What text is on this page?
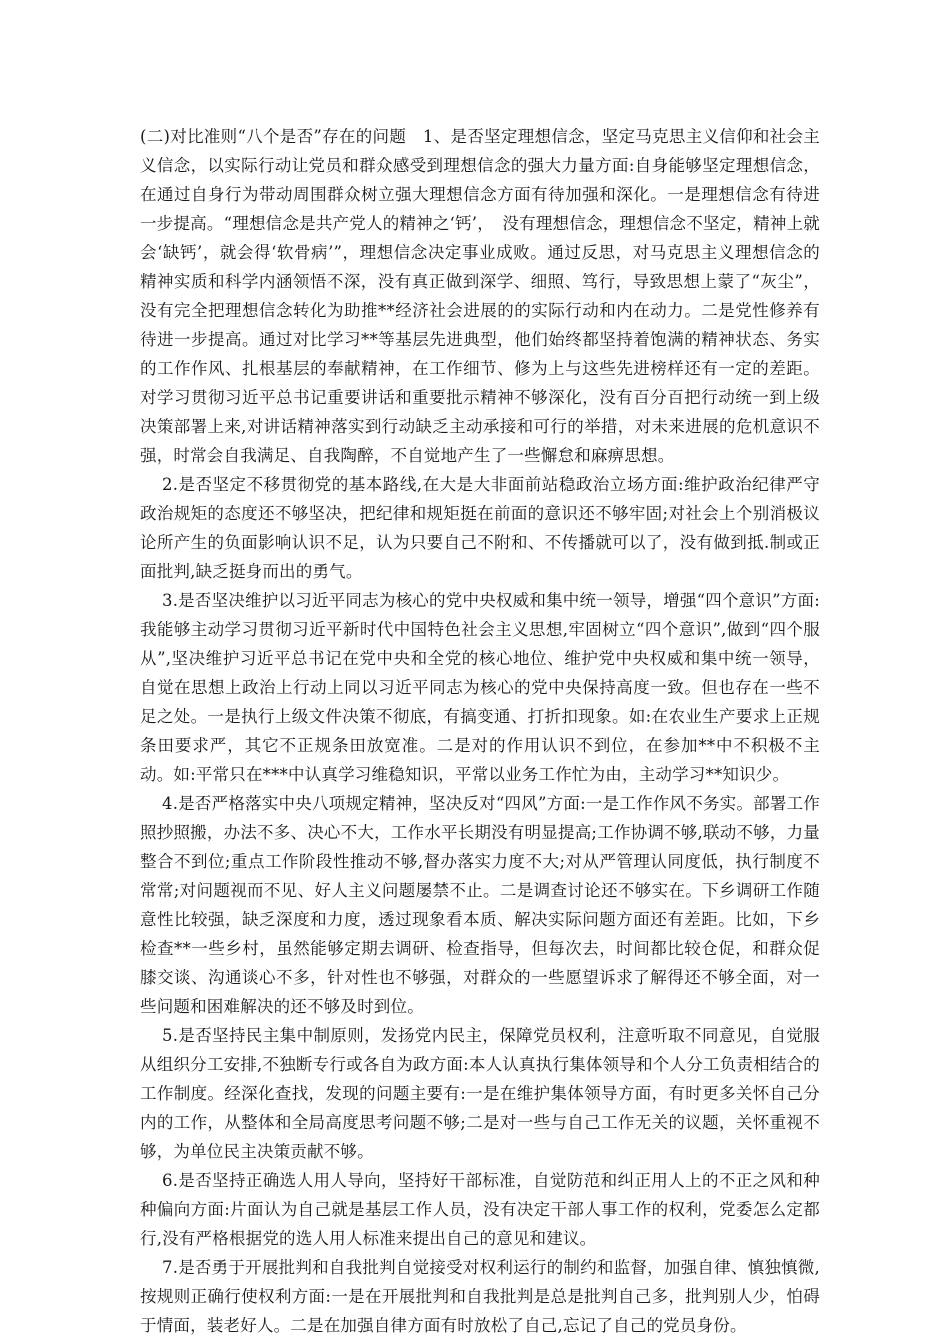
(二)对比准则“八个是否”存在的问题　1、是否坚定理想信念，坚定马克思主义信仰和社会主义信念，以实际行动让党员和群众感受到理想信念的强大力量方面:自身能够坚定理想信念，在通过自身行为带动周围群众树立强大理想信念方面有待加强和深化。一是理想信念有待进一步提高。“理想信念是共产党人的精神之‘钙’，　没有理想信念，理想信念不坚定，精神上就会‘缺钙’，就会得‘软骨病’”，理想信念决定事业成败。通过反思，对马克思主义理想信念的精神实质和科学内涵领悟不深，没有真正做到深学、细照、笃行，导致思想上蒙了“灰尘”，没有完全把理想信念转化为助推**经济社会进展的的实际行动和内在动力。二是党性修养有待进一步提高。通过对比学习**等基层先进典型，他们始终都坚持着饱满的精神状态、务实的工作作风、扎根基层的奉献精神，在工作细节、修为上与这些先进榜样还有一定的差距。对学习贯彻习近平总书记重要讲话和重要批示精神不够深化，没有百分百把行动统一到上级决策部署上来,对讲话精神落实到行动缺乏主动承接和可行的举措，对未来进展的危机意识不强，时常会自我满足、自我陶醉，不自觉地产生了一些懈怠和麻痹思想。

2.是否坚定不移贯彻党的基本路线,在大是大非面前站稳政治立场方面:维护政治纪律严守政治规矩的态度还不够坚决，把纪律和规矩挺在前面的意识还不够牢固;对社会上个别消极议论所产生的负面影响认识不足，认为只要自己不附和、不传播就可以了，没有做到抵.制或正面批判,缺乏挺身而出的勇气。

3.是否坚决维护以习近平同志为核心的党中央权威和集中统一领导，增强“四个意识”方面:我能够主动学习贯彻习近平新时代中国特色社会主义思想,牢固树立“四个意识”,做到“四个服从”,坚决维护习近平总书记在党中央和全党的核心地位、维护党中央权威和集中统一领导，自觉在思想上政治上行动上同以习近平同志为核心的党中央保持高度一致。但也存在一些不足之处。一是执行上级文件决策不彻底，有搞变通、打折扣现象。如:在农业生产要求上正规条田要求严，其它不正规条田放宽准。二是对的作用认识不到位，在参加**中不积极不主动。如:平常只在***中认真学习维稳知识，平常以业务工作忙为由，主动学习**知识少。

4.是否严格落实中央八项规定精神，坚决反对“四风”方面:一是工作作风不务实。部署工作照抄照搬，办法不多、决心不大，工作水平长期没有明显提高;工作协调不够,联动不够，力量整合不到位;重点工作阶段性推动不够,督办落实力度不大;对从严管理认同度低，执行制度不常常;对问题视而不见、好人主义问题屡禁不止。二是调查讨论还不够实在。下乡调研工作随意性比较强，缺乏深度和力度，透过现象看本质、解决实际问题方面还有差距。比如，下乡检查**一些乡村，虽然能够定期去调研、检查指导，但每次去，时间都比较仓促，和群众促膝交谈、沟通谈心不多，针对性也不够强，对群众的一些愿望诉求了解得还不够全面，对一些问题和困难解决的还不够及时到位。

5.是否坚持民主集中制原则，发扬党内民主，保障党员权利，注意听取不同意见，自觉服从组织分工安排,不独断专行或各自为政方面:本人认真执行集体领导和个人分工负责相结合的工作制度。经深化查找，发现的问题主要有:一是在维护集体领导方面，有时更多关怀自己分内的工作，从整体和全局高度思考问题不够;二是对一些与自己工作无关的议题，关怀重视不够，为单位民主决策贡献不够。

6.是否坚持正确选人用人导向，坚持好干部标准，自觉防范和纠正用人上的不正之风和种种偏向方面:片面认为自己就是基层工作人员，没有决定干部人事工作的权利，党委怎么定都行,没有严格根据党的选人用人标准来提出自己的意见和建议。

7.是否勇于开展批判和自我批判自觉接受对权利运行的制约和监督，加强自律、慎独慎微,按规则正确行使权利方面:一是在开展批判和自我批判是总是批判自己多，批判别人少，怕碍于情面，装老好人。二是在加强自律方面有时放松了自己,忘记了自己的党员身份。
